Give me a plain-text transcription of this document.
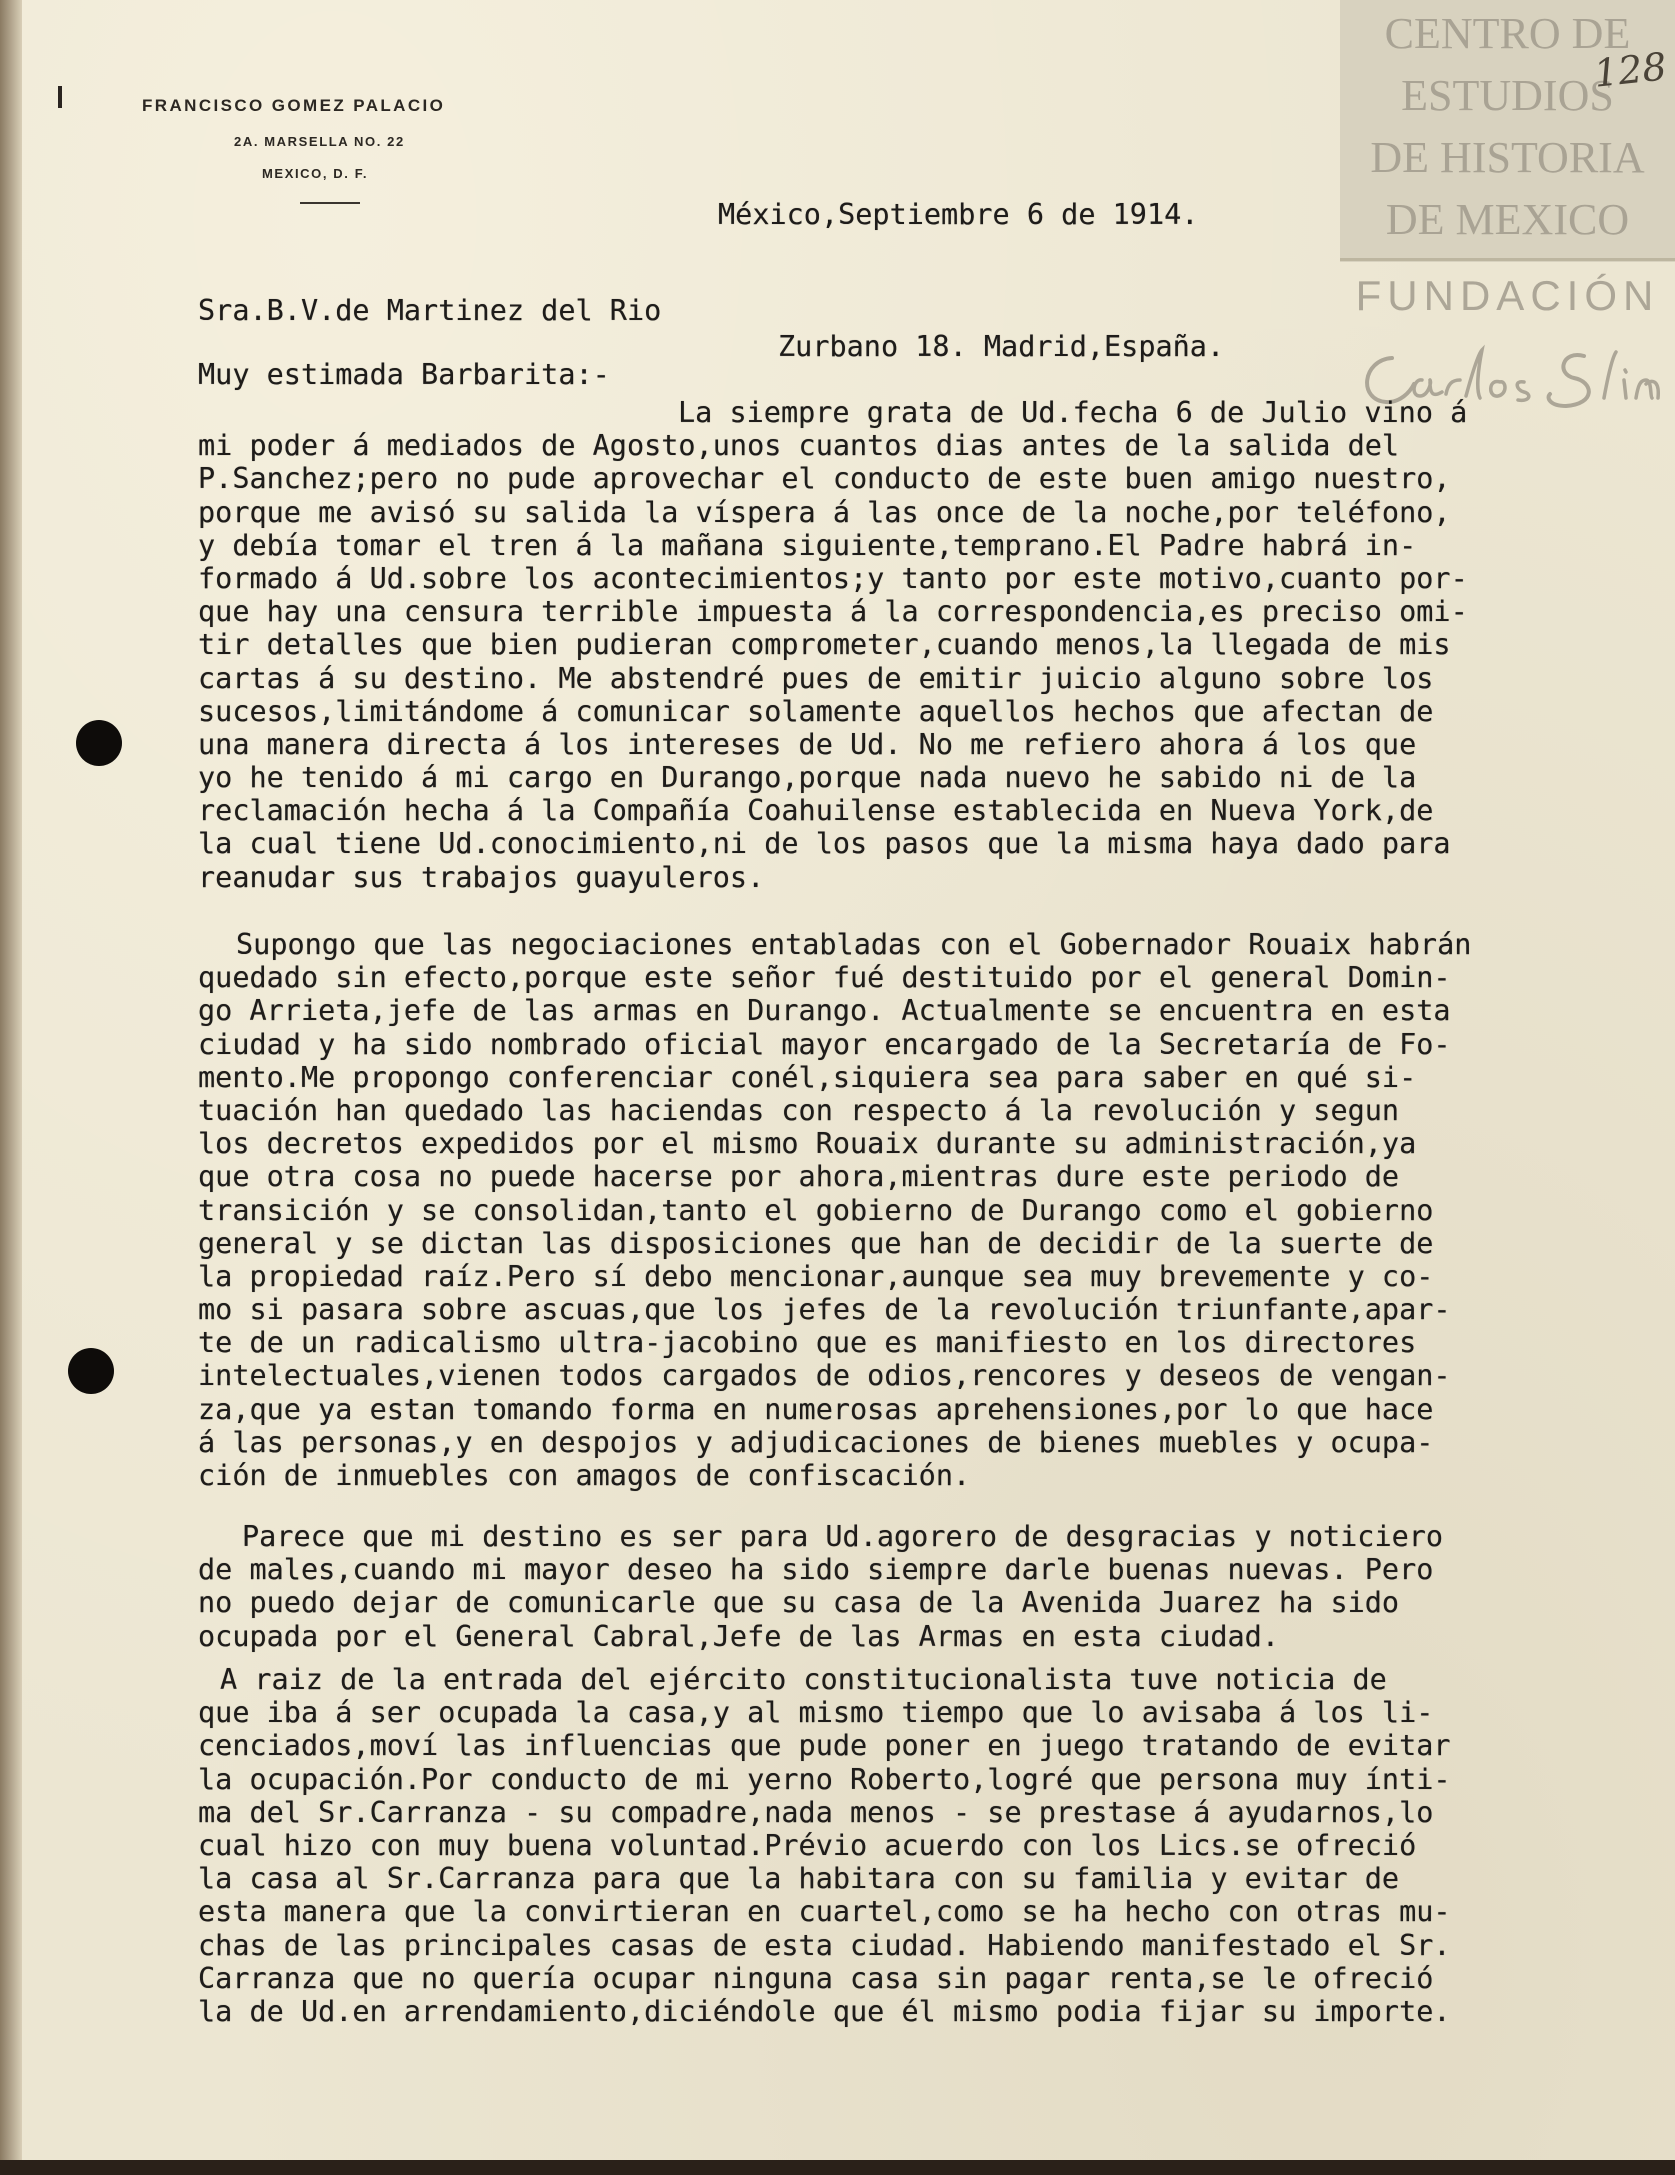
FRANCISCO GOMEZ PALACIO
2A. MARSELLA NO. 22
MEXICO, D. F.
CENTRO DE
ESTUDIOS
DE HISTORIA
DE MEXICO
FUNDACIÓN
128
México,Septiembre 6 de 1914.
Sra.B.V.de Martinez del Rio
Zurbano 18. Madrid,España.
Muy estimada Barbarita:-
La siempre grata de Ud.fecha 6 de Julio vino á
mi poder á mediados de Agosto,unos cuantos dias antes de la salida del
P.Sanchez;pero no pude aprovechar el conducto de este buen amigo nuestro,
porque me avisó su salida la víspera á las once de la noche,por teléfono,
y debía tomar el tren á la mañana siguiente,temprano.El Padre habrá in-
formado á Ud.sobre los acontecimientos;y tanto por este motivo,cuanto por-
que hay una censura terrible impuesta á la correspondencia,es preciso omi-
tir detalles que bien pudieran comprometer,cuando menos,la llegada de mis
cartas á su destino. Me abstendré pues de emitir juicio alguno sobre los
sucesos,limitándome á comunicar solamente aquellos hechos que afectan de
una manera directa á los intereses de Ud. No me refiero ahora á los que
yo he tenido á mi cargo en Durango,porque nada nuevo he sabido ni de la
reclamación hecha á la Compañía Coahuilense establecida en Nueva York,de
la cual tiene Ud.conocimiento,ni de los pasos que la misma haya dado para
reanudar sus trabajos guayuleros.
Supongo que las negociaciones entabladas con el Gobernador Rouaix habrán
quedado sin efecto,porque este señor fué destituido por el general Domin-
go Arrieta,jefe de las armas en Durango. Actualmente se encuentra en esta
ciudad y ha sido nombrado oficial mayor encargado de la Secretaría de Fo-
mento.Me propongo conferenciar conél,siquiera sea para saber en qué si-
tuación han quedado las haciendas con respecto á la revolución y segun
los decretos expedidos por el mismo Rouaix durante su administración,ya
que otra cosa no puede hacerse por ahora,mientras dure este periodo de
transición y se consolidan,tanto el gobierno de Durango como el gobierno
general y se dictan las disposiciones que han de decidir de la suerte de
la propiedad raíz.Pero sí debo mencionar,aunque sea muy brevemente y co-
mo si pasara sobre ascuas,que los jefes de la revolución triunfante,apar-
te de un radicalismo ultra-jacobino que es manifiesto en los directores
intelectuales,vienen todos cargados de odios,rencores y deseos de vengan-
za,que ya estan tomando forma en numerosas aprehensiones,por lo que hace
á las personas,y en despojos y adjudicaciones de bienes muebles y ocupa-
ción de inmuebles con amagos de confiscación.
Parece que mi destino es ser para Ud.agorero de desgracias y noticiero
de males,cuando mi mayor deseo ha sido siempre darle buenas nuevas. Pero
no puedo dejar de comunicarle que su casa de la Avenida Juarez ha sido
ocupada por el General Cabral,Jefe de las Armas en esta ciudad.
A raiz de la entrada del ejército constitucionalista tuve noticia de
que iba á ser ocupada la casa,y al mismo tiempo que lo avisaba á los li-
cenciados,moví las influencias que pude poner en juego tratando de evitar
la ocupación.Por conducto de mi yerno Roberto,logré que persona muy ínti-
ma del Sr.Carranza - su compadre,nada menos - se prestase á ayudarnos,lo
cual hizo con muy buena voluntad.Prévio acuerdo con los Lics.se ofreció
la casa al Sr.Carranza para que la habitara con su familia y evitar de
esta manera que la convirtieran en cuartel,como se ha hecho con otras mu-
chas de las principales casas de esta ciudad. Habiendo manifestado el Sr.
Carranza que no quería ocupar ninguna casa sin pagar renta,se le ofreció
la de Ud.en arrendamiento,diciéndole que él mismo podia fijar su importe.
